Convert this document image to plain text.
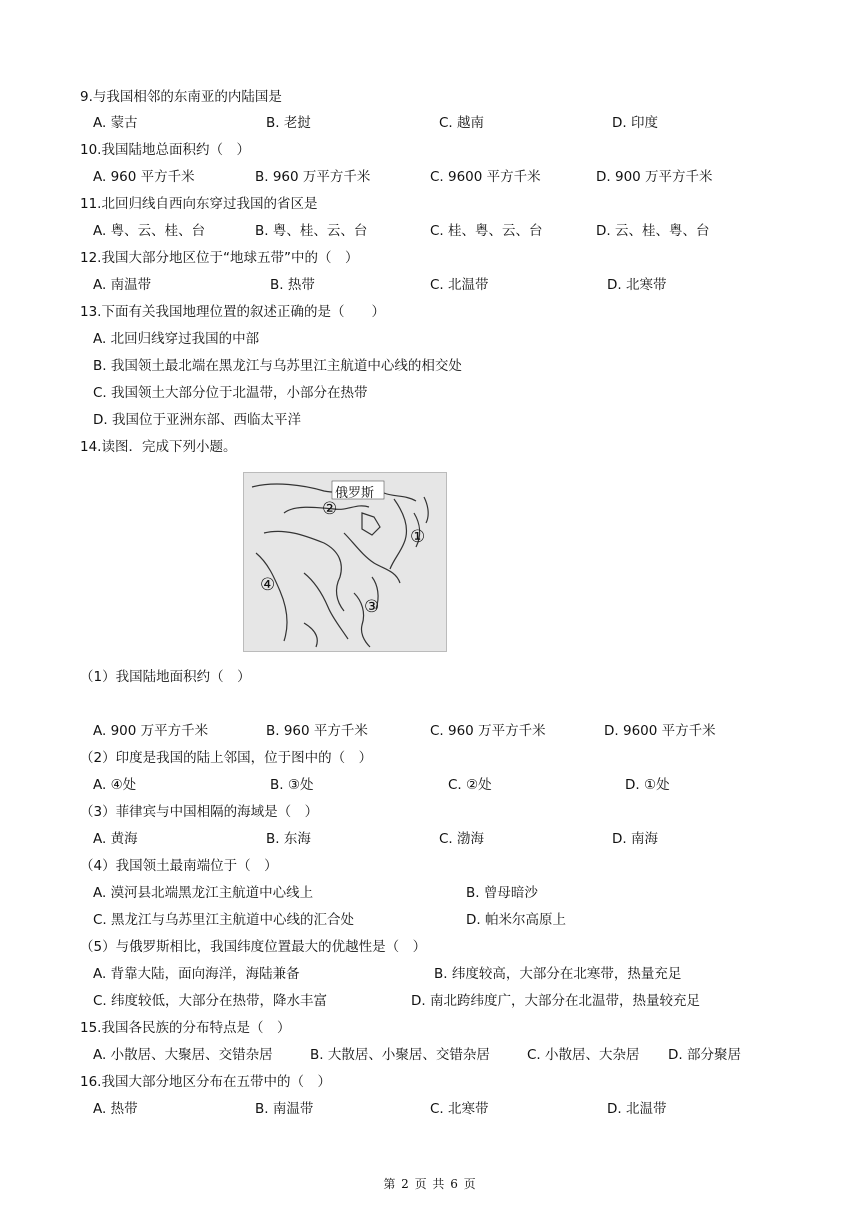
9.与我国相邻的东南亚的内陆国是
A. 蒙古	B. 老挝	C. 越南	D. 印度
10.我国陆地总面积约（　）
A. 960 平方千米	B. 960 万平方千米	C. 9600 平方千米	D. 900 万平方千米
11.北回归线自西向东穿过我国的省区是
A. 粤、云、桂、台	B. 粤、桂、云、台	C. 桂、粤、云、台	D. 云、桂、粤、台
12.我国大部分地区位于“地球五带”中的（　）
A. 南温带	B. 热带	C. 北温带	D. 北寒带
13.下面有关我国地理位置的叙述正确的是（　　）
A. 北回归线穿过我国的中部
B. 我国领土最北端在黑龙江与乌苏里江主航道中心线的相交处
C. 我国领土大部分位于北温带，小部分在热带
D. 我国位于亚洲东部、西临太平洋
14.读图．完成下列小题。
俄罗斯
②
①
④
③
（1）我国陆地面积约（　）
A. 900 万平方千米	B. 960 平方千米	C. 960 万平方千米	D. 9600 平方千米
（2）印度是我国的陆上邻国，位于图中的（　）
A. ④处	B. ③处	C. ②处	D. ①处
（3）菲律宾与中国相隔的海域是（　）
A. 黄海	B. 东海	C. 渤海	D. 南海
（4）我国领土最南端位于（　）
A. 漠河县北端黑龙江主航道中心线上	B. 曾母暗沙
C. 黑龙江与乌苏里江主航道中心线的汇合处	D. 帕米尔高原上
（5）与俄罗斯相比，我国纬度位置最大的优越性是（　）
A. 背靠大陆，面向海洋，海陆兼备	B. 纬度较高，大部分在北寒带，热量充足
C. 纬度较低，大部分在热带，降水丰富	D. 南北跨纬度广，大部分在北温带，热量较充足
15.我国各民族的分布特点是（　）
A. 小散居、大聚居、交错杂居	B. 大散居、小聚居、交错杂居	C. 小散居、大杂居 D. 部分聚居
16.我国大部分地区分布在五带中的（　）
A. 热带	B. 南温带	C. 北寒带	D. 北温带
第 2 页 共 6 页
